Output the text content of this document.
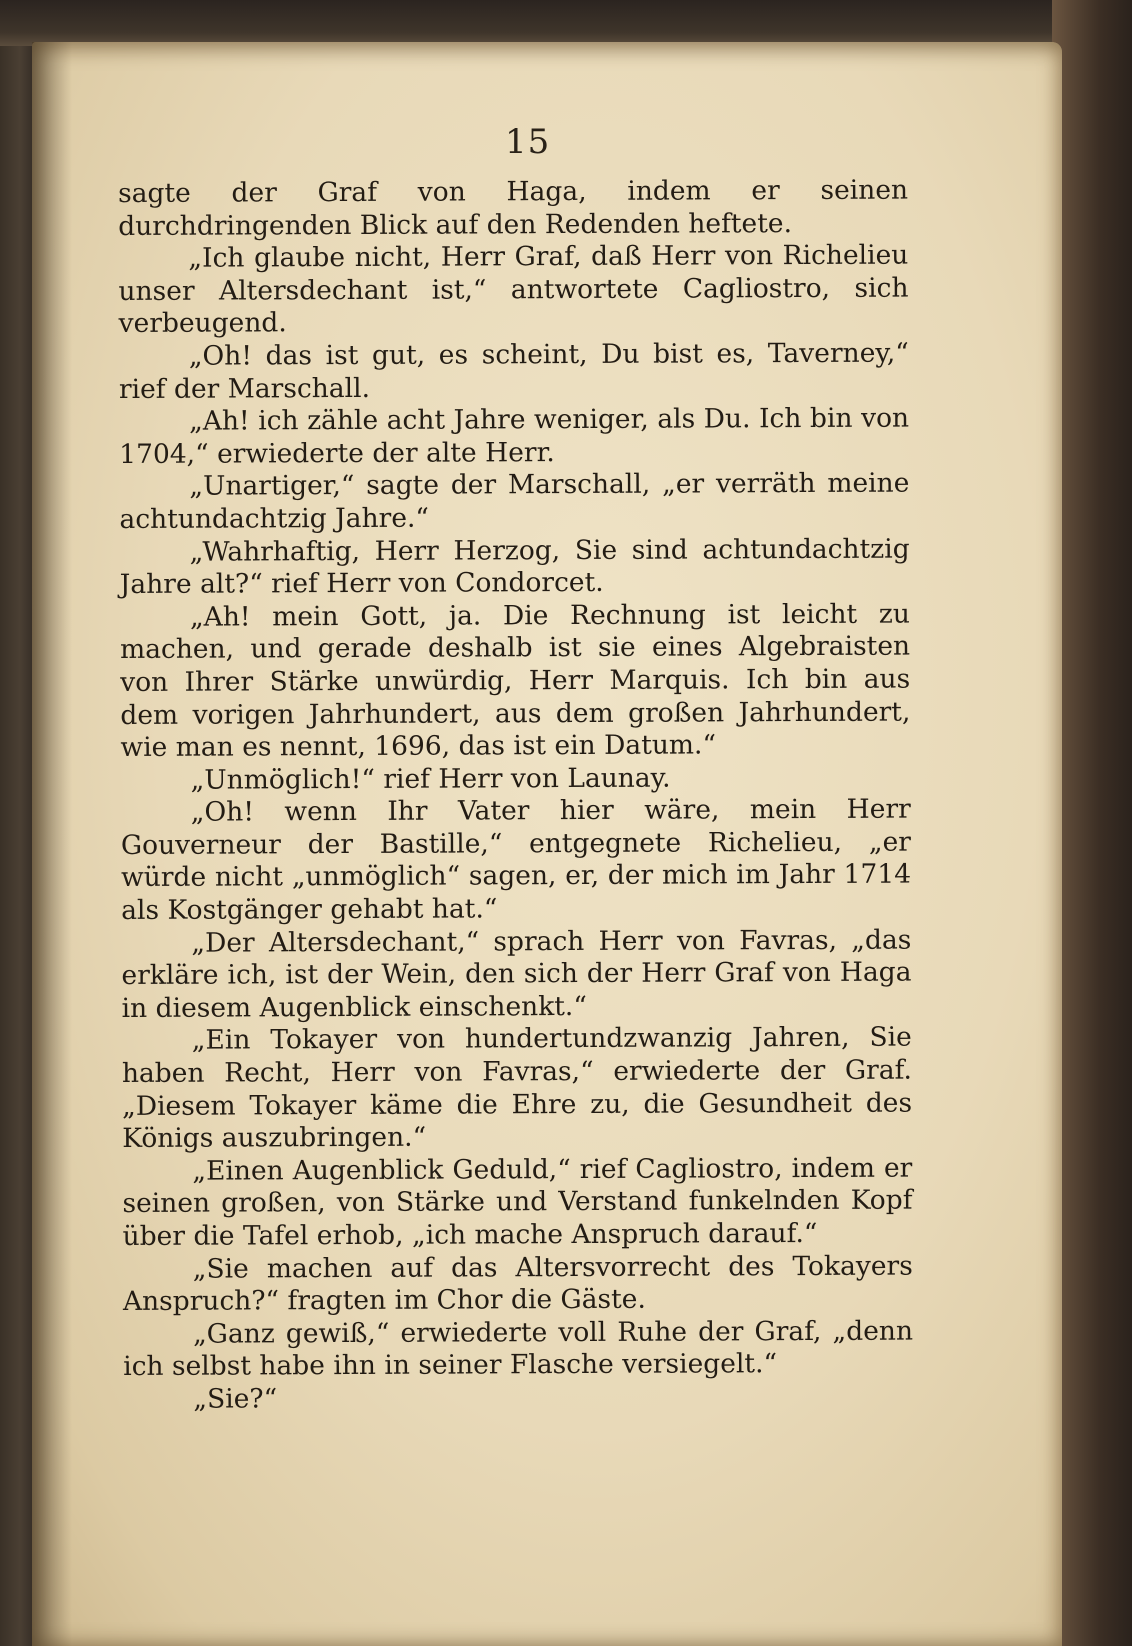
15

sagte der Graf von Haga, indem er seinen durchdringenden Blick auf den Redenden heftete.

„Ich glaube nicht, Herr Graf, daß Herr von Richelieu unser Altersdechant ist,“ antwortete Cagliostro, sich verbeugend.

„Oh! das ist gut, es scheint, Du bist es, Taverney,“ rief der Marschall.

„Ah! ich zähle acht Jahre weniger, als Du. Ich bin von 1704,“ erwiederte der alte Herr.

„Unartiger,“ sagte der Marschall, „er verräth meine achtundachtzig Jahre.“

„Wahrhaftig, Herr Herzog, Sie sind achtundachtzig Jahre alt?“ rief Herr von Condorcet.

„Ah! mein Gott, ja. Die Rechnung ist leicht zu machen, und gerade deshalb ist sie eines Algebraisten von Ihrer Stärke unwürdig, Herr Marquis. Ich bin aus dem vorigen Jahrhundert, aus dem großen Jahrhundert, wie man es nennt, 1696, das ist ein Datum.“

„Unmöglich!“ rief Herr von Launay.

„Oh! wenn Ihr Vater hier wäre, mein Herr Gouverneur der Bastille,“ entgegnete Richelieu, „er würde nicht „unmöglich“ sagen, er, der mich im Jahr 1714 als Kostgänger gehabt hat.“

„Der Altersdechant,“ sprach Herr von Favras, „das erkläre ich, ist der Wein, den sich der Herr Graf von Haga in diesem Augenblick einschenkt.“

„Ein Tokayer von hundertundzwanzig Jahren, Sie haben Recht, Herr von Favras,“ erwiederte der Graf. „Diesem Tokayer käme die Ehre zu, die Gesundheit des Königs auszubringen.“

„Einen Augenblick Geduld,“ rief Cagliostro, indem er seinen großen, von Stärke und Verstand funkelnden Kopf über die Tafel erhob, „ich mache Anspruch darauf.“

„Sie machen auf das Altersvorrecht des Tokayers Anspruch?“ fragten im Chor die Gäste.

„Ganz gewiß,“ erwiederte voll Ruhe der Graf, „denn ich selbst habe ihn in seiner Flasche versiegelt.“

„Sie?“
